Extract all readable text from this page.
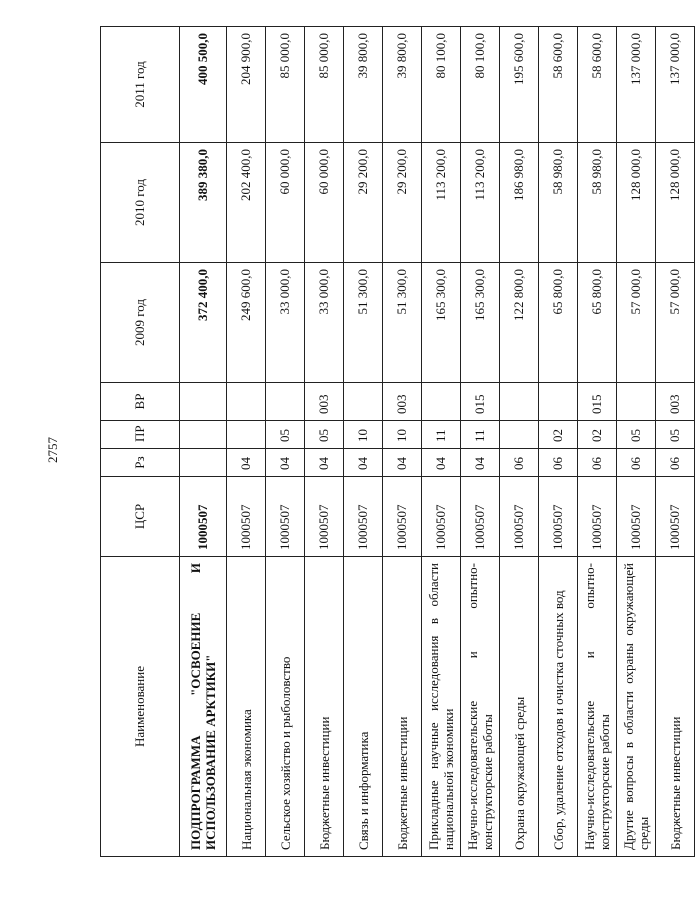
2757
Наименование	ЦСР	Рз	ПР	ВР	2009 год	2010 год	2011 год
ПОДПРОГРАММА "ОСВОЕНИЕ И ИСПОЛЬЗОВАНИЕ АРКТИКИ"	1000507				372 400,0	389 380,0	400 500,0
Национальная экономика	1000507	04			249 600,0	202 400,0	204 900,0
Сельское хозяйство и рыболовство	1000507	04	05		33 000,0	60 000,0	85 000,0
Бюджетные инвестиции	1000507	04	05	003	33 000,0	60 000,0	85 000,0
Связь и информатика	1000507	04	10		51 300,0	29 200,0	39 800,0
Бюджетные инвестиции	1000507	04	10	003	51 300,0	29 200,0	39 800,0
Прикладные научные исследования в области национальной экономики	1000507	04	11		165 300,0	113 200,0	80 100,0
Научно-исследовательские и опытно-конструкторские работы	1000507	04	11	015	165 300,0	113 200,0	80 100,0
Охрана окружающей среды	1000507	06			122 800,0	186 980,0	195 600,0
Сбор, удаление отходов и очистка сточных вод	1000507	06	02		65 800,0	58 980,0	58 600,0
Научно-исследовательские и опытно-конструкторские работы	1000507	06	02	015	65 800,0	58 980,0	58 600,0
Другие вопросы в области охраны окружающей среды	1000507	06	05		57 000,0	128 000,0	137 000,0
Бюджетные инвестиции	1000507	06	05	003	57 000,0	128 000,0	137 000,0
